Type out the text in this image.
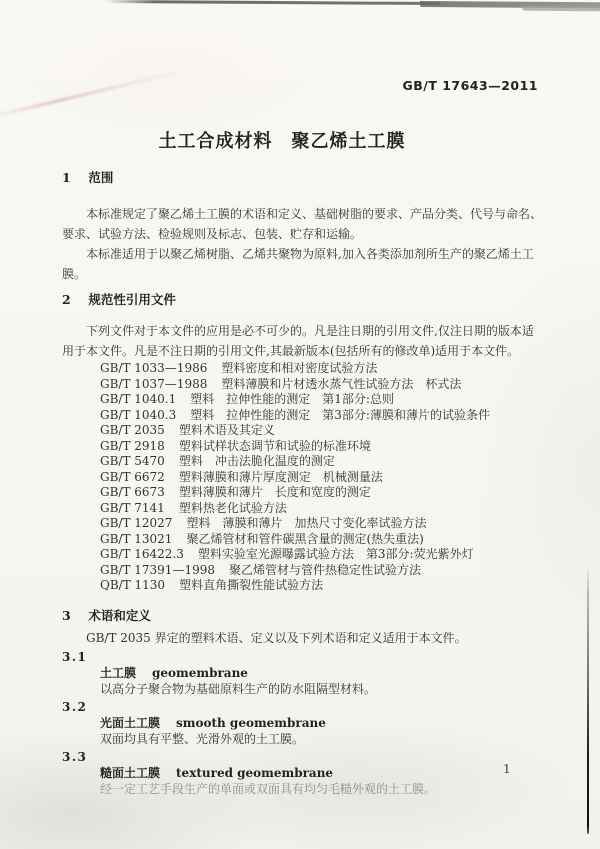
GB/T 17643—2011
土工合成材料　聚乙烯土工膜
1 范围
本标准规定了聚乙烯土工膜的术语和定义、基础树脂的要求、产品分类、代号与命名、要求、试验方法、检验规则及标志、包装、贮存和运输。
本标准适用于以聚乙烯树脂、乙烯共聚物为原料,加入各类添加剂所生产的聚乙烯土工膜。
2 规范性引用文件
下列文件对于本文件的应用是必不可少的。凡是注日期的引用文件,仅注日期的版本适用于本文件。凡是不注日期的引用文件,其最新版本(包括所有的修改单)适用于本文件。
GB/T 1033—1986 塑料密度和相对密度试验方法
GB/T 1037—1988 塑料薄膜和片材透水蒸气性试验方法　杯式法
GB/T 1040.1 塑料　拉伸性能的测定　第1部分:总则
GB/T 1040.3 塑料　拉伸性能的测定　第3部分:薄膜和薄片的试验条件
GB/T 2035 塑料术语及其定义
GB/T 2918 塑料试样状态调节和试验的标准环境
GB/T 5470 塑料　冲击法脆化温度的测定
GB/T 6672 塑料薄膜和薄片厚度测定　机械测量法
GB/T 6673 塑料薄膜和薄片　长度和宽度的测定
GB/T 7141 塑料热老化试验方法
GB/T 12027 塑料　薄膜和薄片　加热尺寸变化率试验方法
GB/T 13021 聚乙烯管材和管件碳黑含量的测定(热失重法)
GB/T 16422.3 塑料实验室光源曝露试验方法　第3部分:荧光紫外灯
GB/T 17391—1998 聚乙烯管材与管件热稳定性试验方法
QB/T 1130 塑料直角撕裂性能试验方法
3 术语和定义
GB/T 2035 界定的塑料术语、定义以及下列术语和定义适用于本文件。
3.1
土工膜 geomembrane
以高分子聚合物为基础原料生产的防水阻隔型材料。
3.2
光面土工膜 smooth geomembrane
双面均具有平整、光滑外观的土工膜。
3.3
糙面土工膜 textured geomembrane
经一定工艺手段生产的单面或双面具有均匀毛糙外观的土工膜。
1
